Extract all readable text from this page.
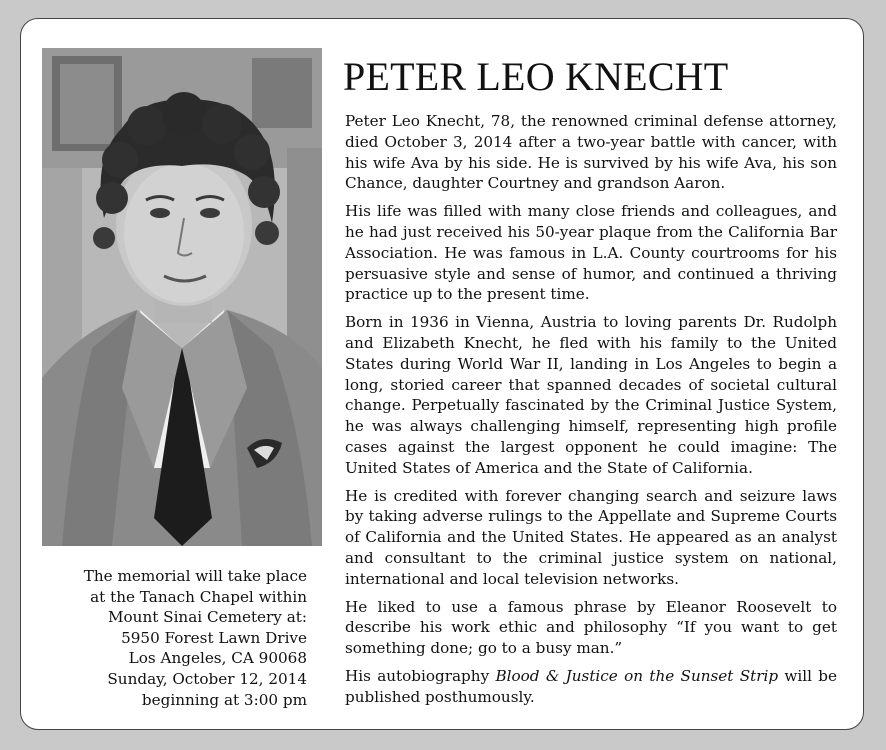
The memorial will take place
at the Tanach Chapel within
Mount Sinai Cemetery at:
5950 Forest Lawn Drive
Los Angeles, CA 90068
Sunday, October 12, 2014
beginning at 3:00 pm
PETER LEO KNECHT

Peter Leo Knecht, 78, the renowned criminal defense attorney, died October 3, 2014 after a two-year battle with cancer, with his wife Ava by his side. He is survived by his wife Ava, his son Chance, daughter Courtney and grandson Aaron.

His life was filled with many close friends and colleagues, and he had just received his 50-year plaque from the California Bar Association. He was famous in L.A. County courtrooms for his persuasive style and sense of humor, and continued a thriving practice up to the present time.

Born in 1936 in Vienna, Austria to loving parents Dr. Rudolph and Elizabeth Knecht, he fled with his family to the United States during World War II, landing in Los Angeles to begin a long, storied career that spanned decades of societal cultural change. Perpetually fascinated by the Criminal Justice System, he was always challenging himself, representing high profile cases against the largest opponent he could imagine: The United States of America and the State of California.

He is credited with forever changing search and seizure laws by taking adverse rulings to the Appellate and Supreme Courts of California and the United States. He appeared as an analyst and consultant to the criminal justice system on national, international and local television networks.

He liked to use a famous phrase by Eleanor Roosevelt to describe his work ethic and philosophy “If you want to get something done; go to a busy man.”

His autobiography Blood & Justice on the Sunset Strip will be published posthumously.
